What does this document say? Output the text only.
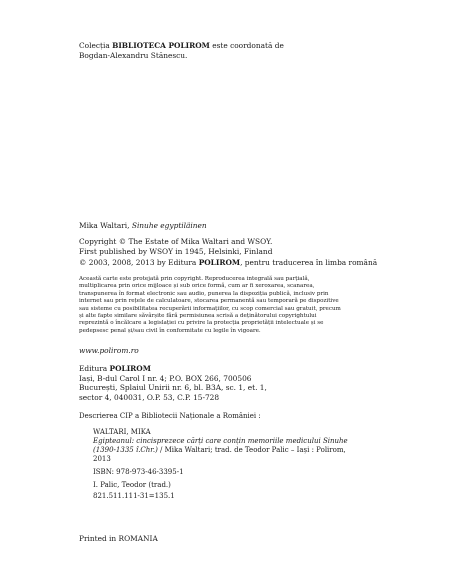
Colecția BIBLIOTECA POLIROM este coordonată de
Bogdan-Alexandru Stănescu.
Mika Waltari, Sinuhe egyptiläinen
Copyright © The Estate of Mika Waltari and WSOY.
First published by WSOY in 1945, Helsinki, Finland
© 2003, 2008, 2013 by Editura POLIROM, pentru traducerea în limba română
Această carte este protejată prin copyright. Reproducerea integrală sau parțială,
multiplicarea prin orice mijloace și sub orice formă, cum ar fi xeroxarea, scanarea,
transpunerea în format electronic sau audio, punerea la dispoziția publică, inclusiv prin
internet sau prin rețele de calculatoare, stocarea permanentă sau temporară pe dispozitive
sau sisteme cu posibilitatea recuperării informațiilor, cu scop comercial sau gratuit, precum
și alte fapte similare săvârșite fără permisiunea scrisă a deținătorului copyrightului
reprezintă o încălcare a legislației cu privire la protecția proprietății intelectuale și se
pedepsesc penal și/sau civil în conformitate cu legile în vigoare.
www.polirom.ro
Editura POLIROM
Iași, B-dul Carol I nr. 4; P.O. BOX 266, 700506
București, Splaiul Unirii nr. 6, bl. B3A, sc. 1, et. 1,
sector 4, 040031, O.P. 53, C.P. 15-728
Descrierea CIP a Bibliotecii Naționale a României :
WALTARI, MIKA
Egipteanul: cincisprezece cărți care conțin memoriile medicului Sinuhe
(1390-1335 î.Chr.) / Mika Waltari; trad. de Teodor Palic – Iași : Polirom,
2013
ISBN: 978-973-46-3395-1
I. Palic, Teodor (trad.)
821.511.111-31=135.1
Printed in ROMANIA
